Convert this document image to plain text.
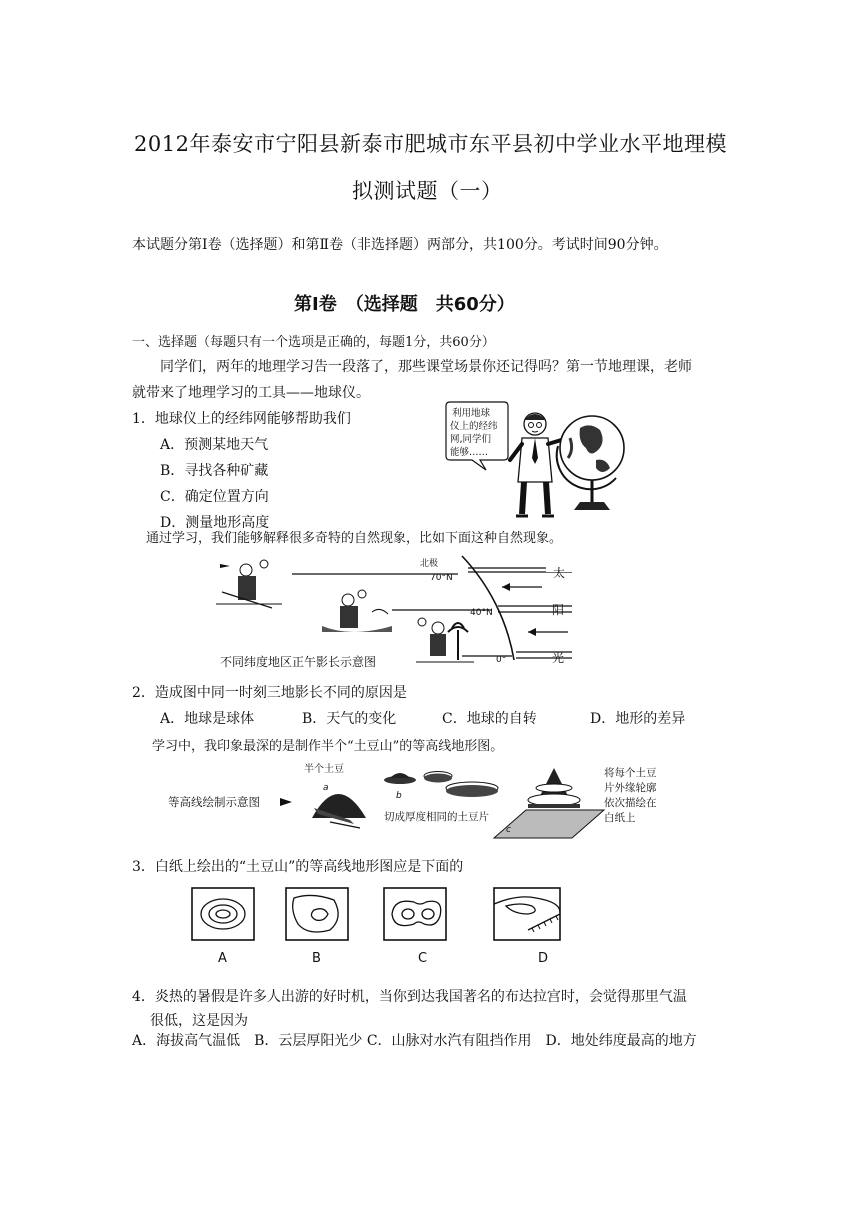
2012年泰安市宁阳县新泰市肥城市东平县初中学业水平地理模
拟测试题（一）
本试题分第Ⅰ卷（选择题）和第Ⅱ卷（非选择题）两部分，共100分。考试时间90分钟。
第Ⅰ卷　（选择题　共60分）
一、选择题（每题只有一个选项是正确的，每题1分，共60分）
同学们，两年的地理学习告一段落了，那些课堂场景你还记得吗？第一节地理课，老师
就带来了地理学习的工具——地球仪。
1．地球仪上的经纬网能够帮助我们
A．预测某地天气
B．寻找各种矿藏
C．确定位置方向
D．测量地形高度
利用地球
仪上的经纬
网,同学们
能够……
通过学习，我们能够解释很多奇特的自然现象，比如下面这种自然现象。
北极
70°N
40°N
0°
太
阳
光
不同纬度地区正午影长示意图
2．造成图中同一时刻三地影长不同的原因是
A．地球是球体	B．天气的变化	C．地球的自转	D．地形的差异
学习中，我印象最深的是制作半个“土豆山”的等高线地形图。
等高线绘制示意图
半个土豆
a
b
切成厚度相同的土豆片
c
将每个土豆
片外缘轮廓
依次描绘在
白纸上
3．白纸上绘出的“土豆山”的等高线地形图应是下面的
A	B	C	D
4．炎热的暑假是许多人出游的好时机，当你到达我国著名的布达拉宫时，会觉得那里气温
很低，这是因为
A．海拔高气温低　B．云层厚阳光少 C．山脉对水汽有阻挡作用　D．地处纬度最高的地方
